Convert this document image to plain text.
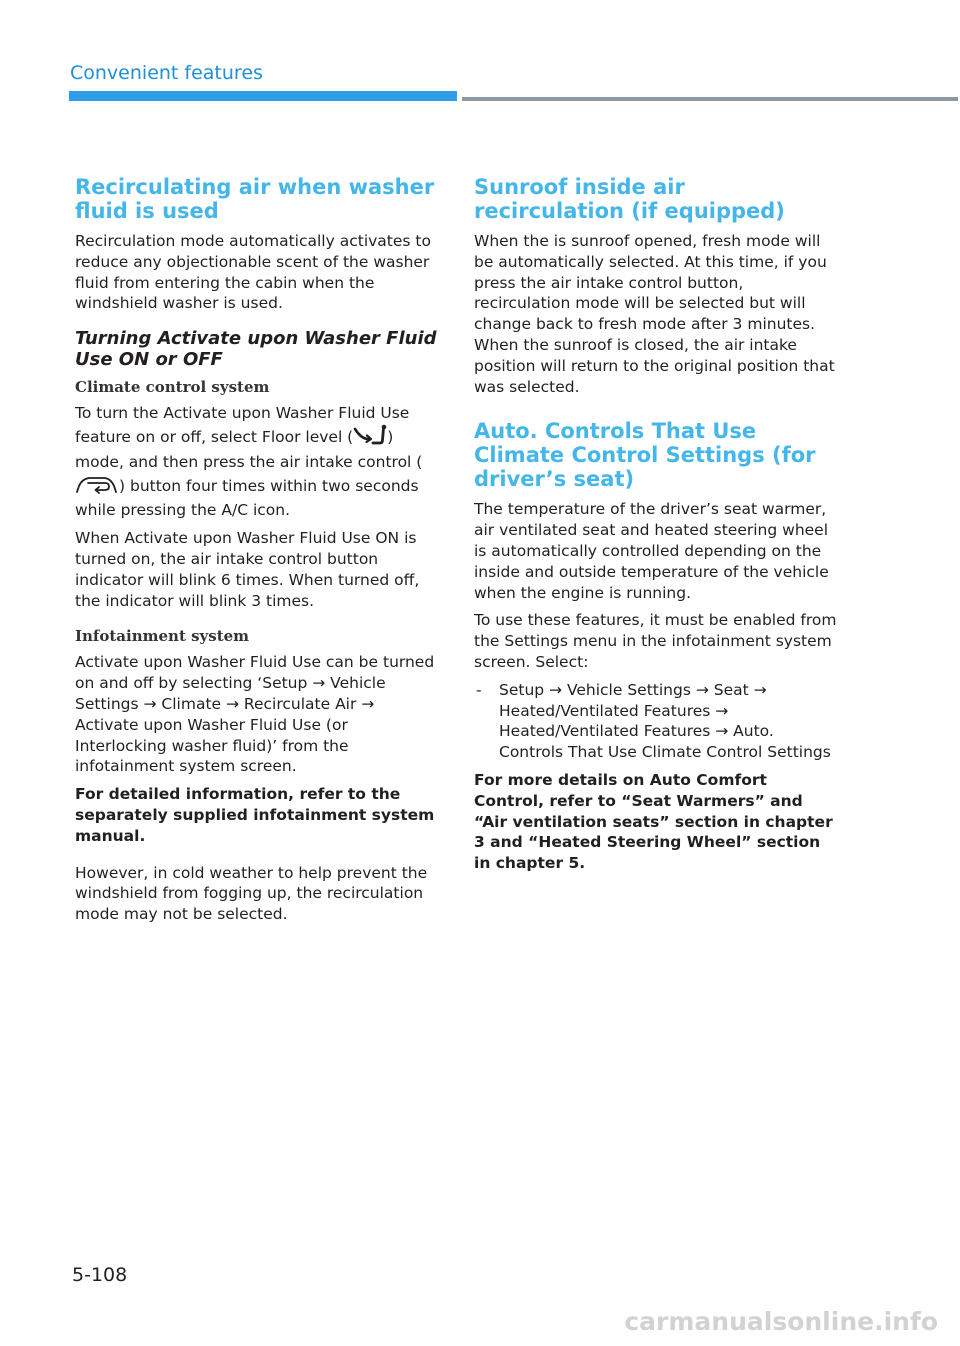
Convenient features
Recirculating air when washer fluid is used

Recirculation mode automatically activates to reduce any objectionable scent of the washer fluid from entering the cabin when the windshield washer is used.

Turning Activate upon Washer Fluid Use ON or OFF
Climate control system

To turn the Activate upon Washer Fluid Use feature on or off, select Floor level ( ) mode, and then press the air intake control () button four times within two seconds while pressing the A/C icon.

When Activate upon Washer Fluid Use ON is turned on, the air intake control button indicator will blink 6 times. When turned off, the indicator will blink 3 times.

Infotainment system

Activate upon Washer Fluid Use can be turned on and off by selecting ‘Setup → Vehicle Settings → Climate → Recirculate Air → Activate upon Washer Fluid Use (or Interlocking washer fluid)’ from the infotainment system screen.

For detailed information, refer to the separately supplied infotainment system manual.

However, in cold weather to help prevent the windshield from fogging up, the recirculation mode may not be selected.

Sunroof inside air recirculation (if equipped)

When the is sunroof opened, fresh mode will be automatically selected. At this time, if you press the air intake control button, recirculation mode will be selected but will change back to fresh mode after 3 minutes. When the sunroof is closed, the air intake position will return to the original position that was selected.

Auto. Controls That Use Climate Control Settings (for driver’s seat)

The temperature of the driver’s seat warmer, air ventilated seat and heated steering wheel is automatically controlled depending on the inside and outside temperature of the vehicle when the engine is running.

To use these features, it must be enabled from the Settings menu in the infotainment system screen. Select:

- Setup → Vehicle Settings → Seat → Heated/Ventilated Features → Heated/Ventilated Features → Auto. Controls That Use Climate Control Settings

For more details on Auto Comfort Control, refer to “Seat Warmers” and “Air ventilation seats” section in chapter 3 and “Heated Steering Wheel” section in chapter 5.

5-108

carmanualsonline.info
